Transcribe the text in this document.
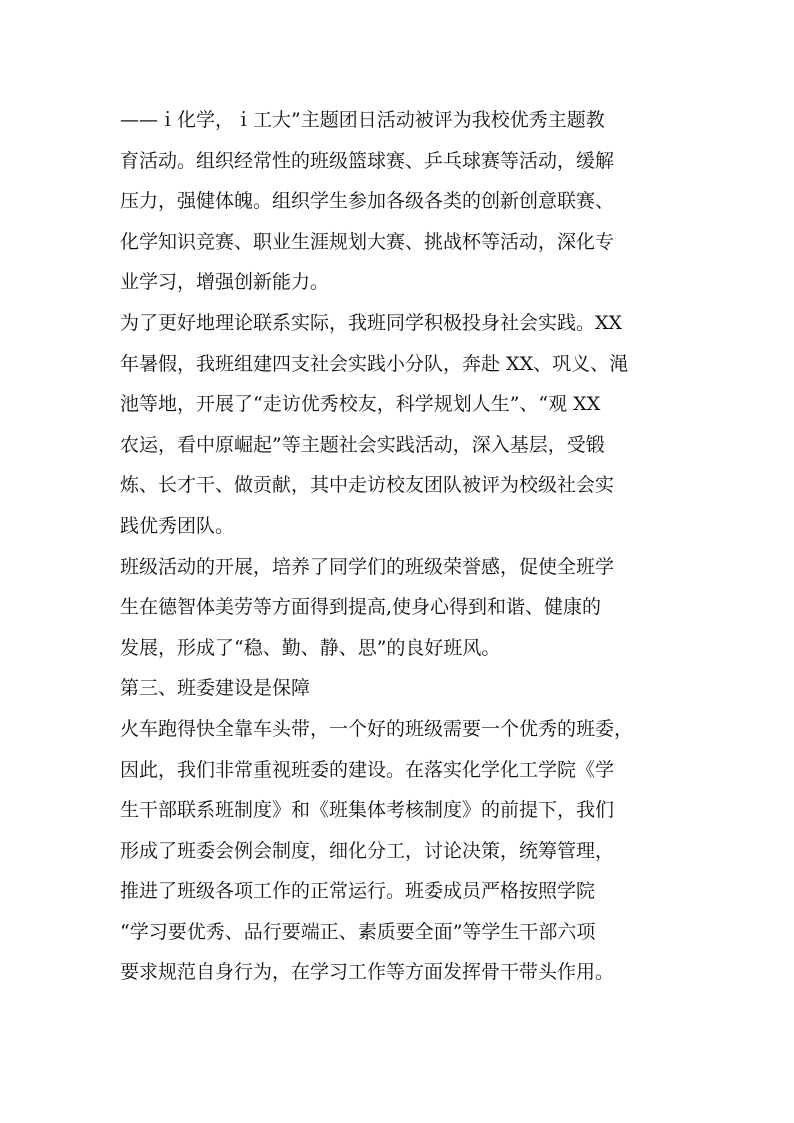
——ｉ化学，ｉ工大”主题团日活动被评为我校优秀主题教
育活动。组织经常性的班级篮球赛、乒乓球赛等活动，缓解
压力，强健体魄。组织学生参加各级各类的创新创意联赛、
化学知识竞赛、职业生涯规划大赛、挑战杯等活动，深化专
业学习，增强创新能力。
为了更好地理论联系实际，我班同学积极投身社会实践。XX
年暑假，我班组建四支社会实践小分队，奔赴 XX、巩义、渑
池等地，开展了“走访优秀校友，科学规划人生”、“观 XX
农运，看中原崛起”等主题社会实践活动，深入基层，受锻
炼、长才干、做贡献，其中走访校友团队被评为校级社会实
践优秀团队。
班级活动的开展，培养了同学们的班级荣誉感，促使全班学
生在德智体美劳等方面得到提高,使身心得到和谐、健康的
发展，形成了“稳、勤、静、思”的良好班风。
第三、班委建设是保障
火车跑得快全靠车头带，一个好的班级需要一个优秀的班委，
因此，我们非常重视班委的建设。在落实化学化工学院《学
生干部联系班制度》和《班集体考核制度》的前提下，我们
形成了班委会例会制度，细化分工，讨论决策，统筹管理，
推进了班级各项工作的正常运行。班委成员严格按照学院
“学习要优秀、品行要端正、素质要全面”等学生干部六项
要求规范自身行为，在学习工作等方面发挥骨干带头作用。
